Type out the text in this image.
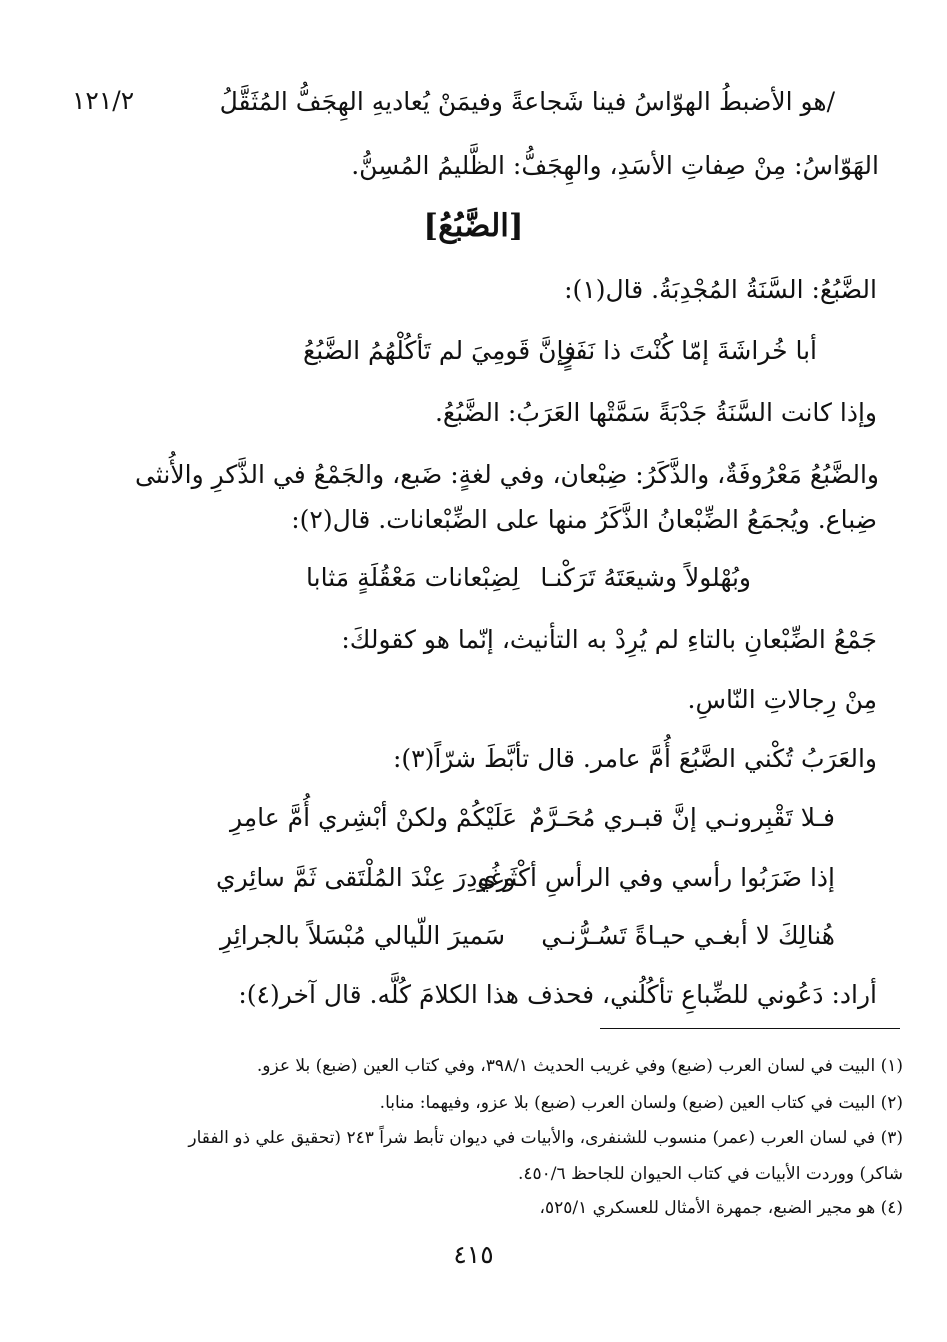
١٢١/٢	/هو الأضبطُ الهوّاسُ فينا شَجاعةً وفيمَنْ يُعاديهِ الهِجَفُّ المُثَقَّلُ
الهَوّاسُ: مِنْ صِفاتِ الأسَدِ، والهِجَفُّ: الظَّليمُ المُسِنُّ.
[الضَّبُعُ]
الضَّبُعُ: السَّنَةُ المُجْدِبَةُ. قال(١):
أبا خُراشَةَ إمّا كُنْتَ ذا نَفَرٍ
فإنَّ قَومِيَ لم تَأكُلْهُمُ الضَّبُعُ
وإذا كانت السَّنَةُ جَدْبَةً سَمَّتْها العَرَبُ: الضَّبُعُ.
والضَّبُعُ مَعْرُوفَةٌ، والذَّكَرُ: ضِبْعان، وفي لغةٍ: ضَبع، والجَمْعُ في الذَّكرِ والأُنثى
ضِباع. ويُجمَعُ الضِّبْعانُ الذَّكَرُ منها على الضِّبْعانات. قال(٢):
وبُهْلولاً وشيعَتَهُ تَرَكْنـا
لِضِبْعانات مَعْقُلَةٍ مَثابا
جَمْعُ الضِّبْعانِ بالتاءِ لم يُرِدْ به التأنيث، إنّما هو كقولكَ:
مِنْ رِجالاتِ النّاسِ.
والعَرَبُ تُكْني الضَّبُعَ أُمَّ عامر. قال تأبَّطَ شرّاً(٣):
فـلا تَقْبِرونـي إنَّ قبـري مُحَـرَّمٌ
عَلَيْكُمْ ولكنْ أبْشِري أُمَّ عامِرِ
إذا ضَرَبُوا رأسي وفي الرأسِ أكْثَري
وغُودِرَ عِنْدَ المُلْتَقى ثَمَّ سائِري
هُنالِكَ لا أبغـي حيـاةً تَسُـرُّنـي
سَميرَ اللّيالي مُبْسَلاً بالجرائِرِ
أراد: دَعُوني للضِّباعِ تأكُلُني، فحذف هذا الكلامَ كُلَّه. قال آخر(٤):
(١) البيت في لسان العرب (ضبع) وفي غريب الحديث ٣٩٨/١، وفي كتاب العين (ضبع) بلا عزو.
(٢) البيت في كتاب العين (ضبع) ولسان العرب (ضبع) بلا عزو، وفيهما: منابا.
(٣) في لسان العرب (عمر) منسوب للشنفرى، والأبيات في ديوان تأبط شراً ٢٤٣ (تحقيق علي ذو الفقار
شاكر) ووردت الأبيات في كتاب الحيوان للجاحظ ٤٥٠/٦.
(٤) هو مجير الضبع، جمهرة الأمثال للعسكري ٥٢٥/١،
٤١٥
